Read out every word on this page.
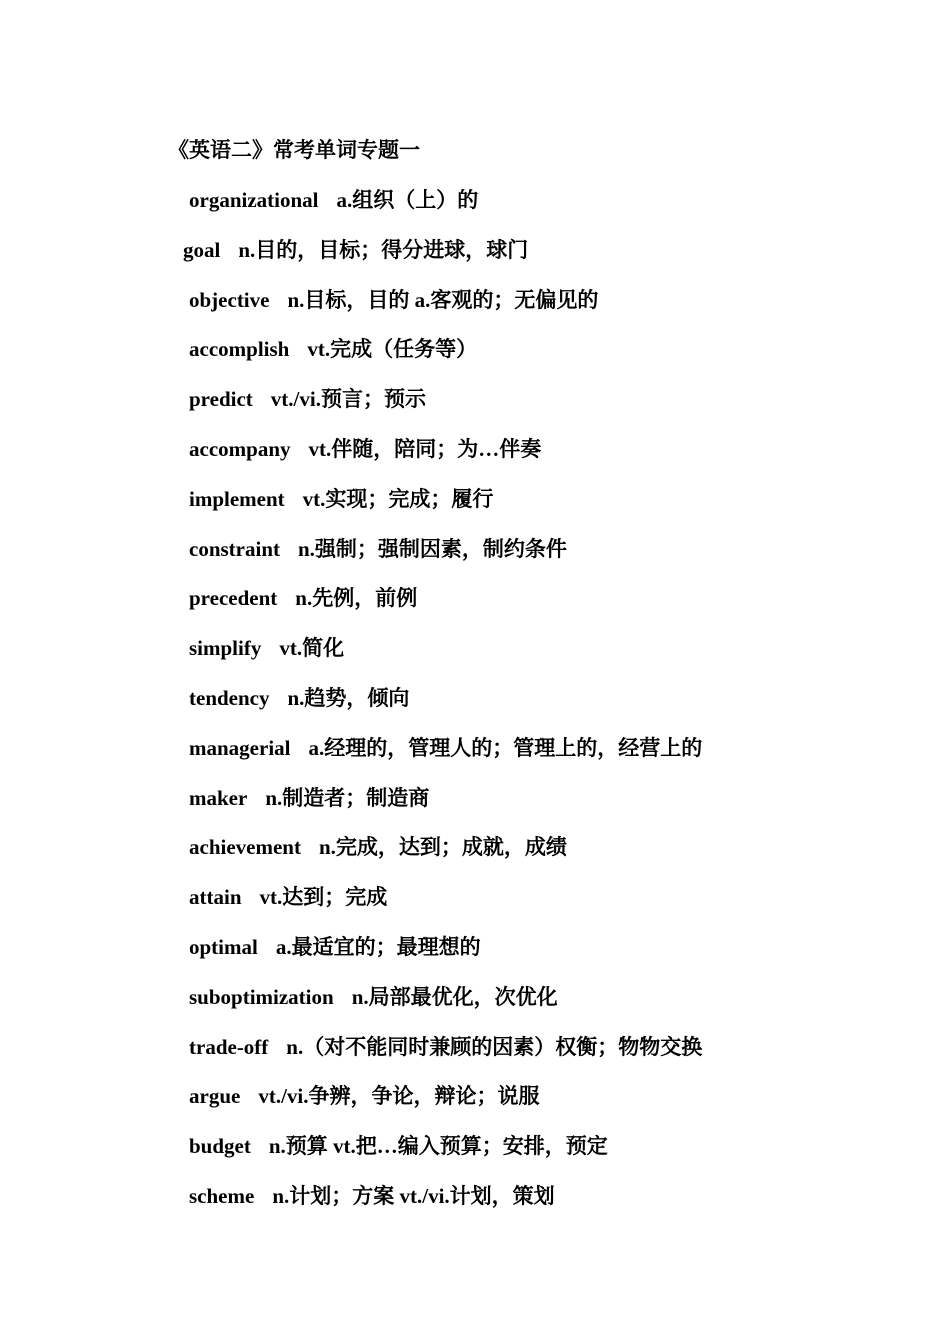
《英语二》常考单词专题一
organizational a.组织（上）的
goal n.目的，目标；得分进球，球门
objective n.目标，目的 a.客观的；无偏见的
accomplish vt.完成（任务等）
predict vt./vi.预言；预示
accompany vt.伴随，陪同；为…伴奏
implement vt.实现；完成；履行
constraint n.强制；强制因素，制约条件
precedent n.先例，前例
simplify vt.简化
tendency n.趋势，倾向
managerial a.经理的，管理人的；管理上的，经营上的
maker n.制造者；制造商
achievement n.完成，达到；成就，成绩
attain vt.达到；完成
optimal a.最适宜的；最理想的
suboptimization n.局部最优化，次优化
trade-off n.（对不能同时兼顾的因素）权衡；物物交换
argue vt./vi.争辨，争论，辩论；说服
budget n.预算 vt.把…编入预算；安排，预定
scheme n.计划；方案 vt./vi.计划，策划
